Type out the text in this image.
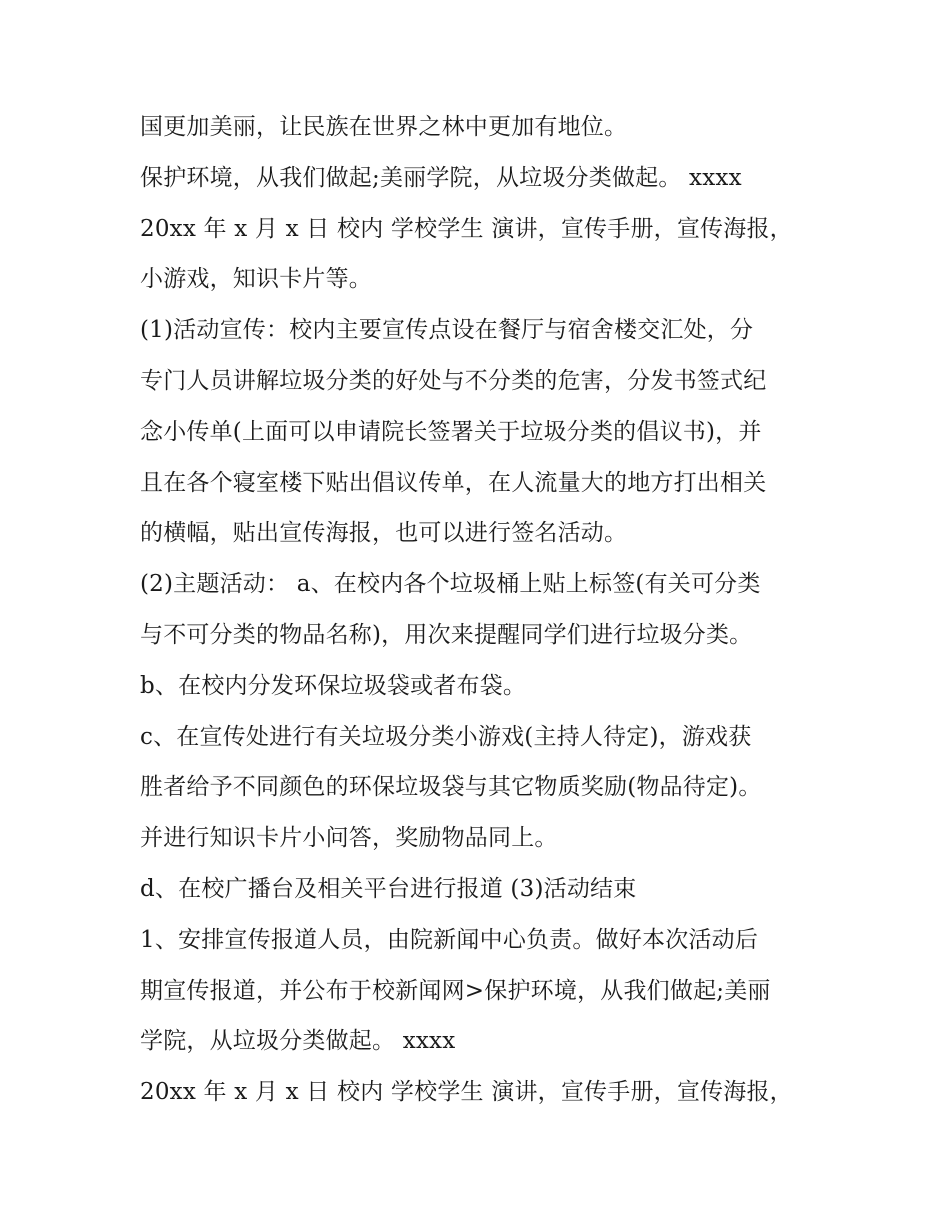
国更加美丽，让民族在世界之林中更加有地位。

保护环境，从我们做起;美丽学院，从垃圾分类做起。 xxxx

20xx 年 x 月 x 日 校内 学校学生 演讲，宣传手册，宣传海报，

小游戏，知识卡片等。

(1)活动宣传：校内主要宣传点设在餐厅与宿舍楼交汇处，分

专门人员讲解垃圾分类的好处与不分类的危害，分发书签式纪

念小传单(上面可以申请院长签署关于垃圾分类的倡议书)，并

且在各个寝室楼下贴出倡议传单，在人流量大的地方打出相关

的横幅，贴出宣传海报，也可以进行签名活动。

(2)主题活动： a、在校内各个垃圾桶上贴上标签(有关可分类

与不可分类的物品名称)，用次来提醒同学们进行垃圾分类。

b、在校内分发环保垃圾袋或者布袋。

c、在宣传处进行有关垃圾分类小游戏(主持人待定)，游戏获

胜者给予不同颜色的环保垃圾袋与其它物质奖励(物品待定)。

并进行知识卡片小问答，奖励物品同上。

d、在校广播台及相关平台进行报道 (3)活动结束

1、安排宣传报道人员，由院新闻中心负责。做好本次活动后

期宣传报道，并公布于校新闻网>保护环境，从我们做起;美丽

学院，从垃圾分类做起。 xxxx

20xx 年 x 月 x 日 校内 学校学生 演讲，宣传手册，宣传海报，
